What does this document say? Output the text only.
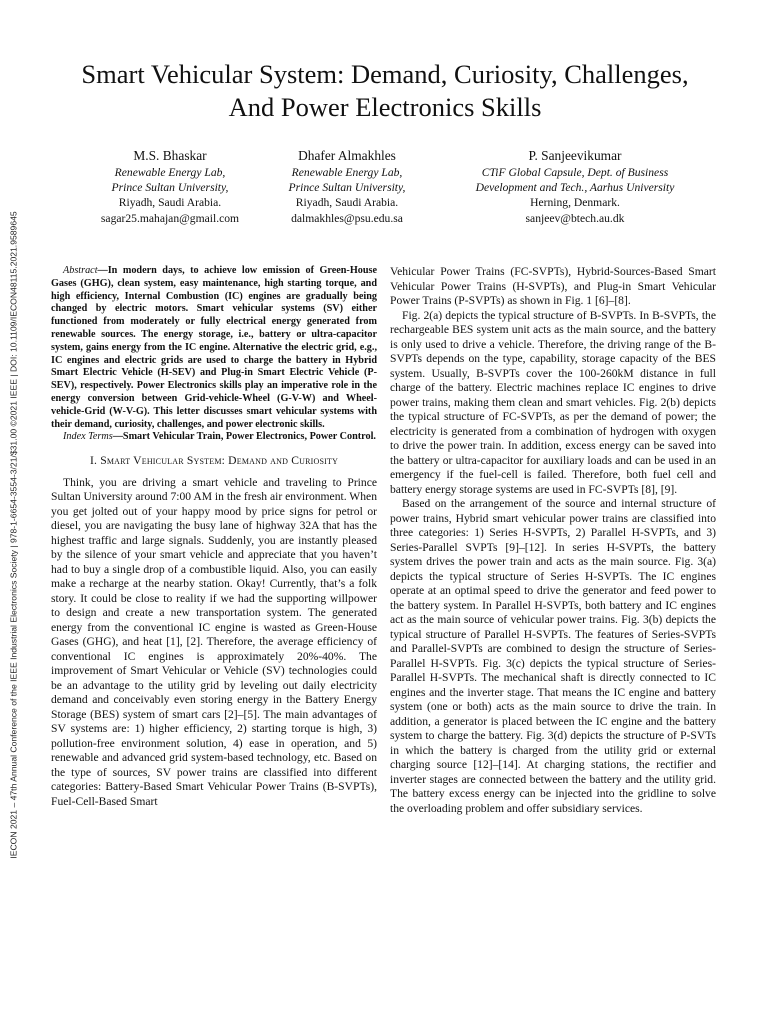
IECON 2021 – 47th Annual Conference of the IEEE Industrial Electronics Society | 978-1-6654-3554-3/21/$31.00 ©2021 IEEE | DOI: 10.1109/IECON48115.2021.9589645
Smart Vehicular System: Demand, Curiosity, Challenges, And Power Electronics Skills
M.S. Bhaskar
Renewable Energy Lab,
Prince Sultan University,
Riyadh, Saudi Arabia.
sagar25.mahajan@gmail.com
Dhafer Almakhles
Renewable Energy Lab,
Prince Sultan University,
Riyadh, Saudi Arabia.
dalmakhles@psu.edu.sa
P. Sanjeevikumar
CTiF Global Capsule, Dept. of Business
Development and Tech., Aarhus University
Herning, Denmark.
sanjeev@btech.au.dk

Abstract—In modern days, to achieve low emission of Green-House Gases (GHG), clean system, easy maintenance, high starting torque, and high efficiency, Internal Combustion (IC) engines are gradually being changed by electric motors. Smart vehicular systems (SV) either functioned from moderately or fully electrical energy generated from renewable sources. The energy storage, i.e., battery or ultra-capacitor system, gains energy from the IC engine. Alternative the electric grid, e.g., IC engines and electric grids are used to charge the battery in Hybrid Smart Electric Vehicle (H-SEV) and Plug-in Smart Electric Vehicle (P-SEV), respectively. Power Electronics skills play an imperative role in the energy conversion between Grid-vehicle-Wheel (G-V-W) and Wheel-vehicle-Grid (W-V-G). This letter discusses smart vehicular systems with their demand, curiosity, challenges, and power electronic skills.

Index Terms—Smart Vehicular Train, Power Electronics, Power Control.

I. Smart Vehicular System: Demand and Curiosity

Think, you are driving a smart vehicle and traveling to Prince Sultan University around 7:00 AM in the fresh air environment. When you get jolted out of your happy mood by price signs for petrol or diesel, you are navigating the busy lane of highway 32A that has the highest traffic and large signals. Suddenly, you are instantly pleased by the silence of your smart vehicle and appreciate that you haven’t had to buy a single drop of a combustible liquid. Also, you can easily make a recharge at the nearby station. Okay! Currently, that’s a folk story. It could be close to reality if we had the supporting willpower to design and create a new transportation system. The generated energy from the conventional IC engine is wasted as Green-House Gases (GHG), and heat [1], [2]. Therefore, the average efficiency of conventional IC engines is approximately 20%-40%. The improvement of Smart Vehicular or Vehicle (SV) technologies could be an advantage to the utility grid by leveling out daily electricity demand and conceivably even storing energy in the Battery Energy Storage (BES) system of smart cars [2]–[5]. The main advantages of SV systems are: 1) higher efficiency, 2) starting torque is high, 3) pollution-free environment solution, 4) ease in operation, and 5) renewable and advanced grid system-based technology, etc. Based on the type of sources, SV power trains are classified into different categories: Battery-Based Smart Vehicular Power Trains (B-SVPTs), Fuel-Cell-Based Smart

Vehicular Power Trains (FC-SVPTs), Hybrid-Sources-Based Smart Vehicular Power Trains (H-SVPTs), and Plug-in Smart Vehicular Power Trains (P-SVPTs) as shown in Fig. 1 [6]–[8].

Fig. 2(a) depicts the typical structure of B-SVPTs. In B-SVPTs, the rechargeable BES system unit acts as the main source, and the battery is only used to drive a vehicle. Therefore, the driving range of the B-SVPTs depends on the type, capability, storage capacity of the BES system. Usually, B-SVPTs cover the 100-260kM distance in full charge of the battery. Electric machines replace IC engines to drive power trains, making them clean and smart vehicles. Fig. 2(b) depicts the typical structure of FC-SVPTs, as per the demand of power; the electricity is generated from a combination of hydrogen with oxygen to drive the power train. In addition, excess energy can be saved into the battery or ultra-capacitor for auxiliary loads and can be used in an emergency if the fuel-cell is failed. Therefore, both fuel cell and battery energy storage systems are used in FC-SVPTs [8], [9].

Based on the arrangement of the source and internal structure of power trains, Hybrid smart vehicular power trains are classified into three categories: 1) Series H-SVPTs, 2) Parallel H-SVPTs, and 3) Series-Parallel SVPTs [9]–[12]. In series H-SVPTs, the battery system drives the power train and acts as the main source. Fig. 3(a) depicts the typical structure of Series H-SVPTs. The IC engines operate at an optimal speed to drive the generator and feed power to the battery system. In Parallel H-SVPTs, both battery and IC engines act as the main source of vehicular power trains. Fig. 3(b) depicts the typical structure of Parallel H-SVPTs. The features of Series-SVPTs and Parallel-SVPTs are combined to design the structure of Series-Parallel H-SVPTs. Fig. 3(c) depicts the typical structure of Series-Parallel H-SVPTs. The mechanical shaft is directly connected to IC engines and the inverter stage. That means the IC engine and battery system (one or both) acts as the main source to drive the train. In addition, a generator is placed between the IC engine and the battery system to charge the battery. Fig. 3(d) depicts the structure of P-SVTs in which the battery is charged from the utility grid or external charging source [12]–[14]. At charging stations, the rectifier and inverter stages are connected between the battery and the utility grid. The battery excess energy can be injected into the gridline to solve the overloading problem and offer subsidiary services.
